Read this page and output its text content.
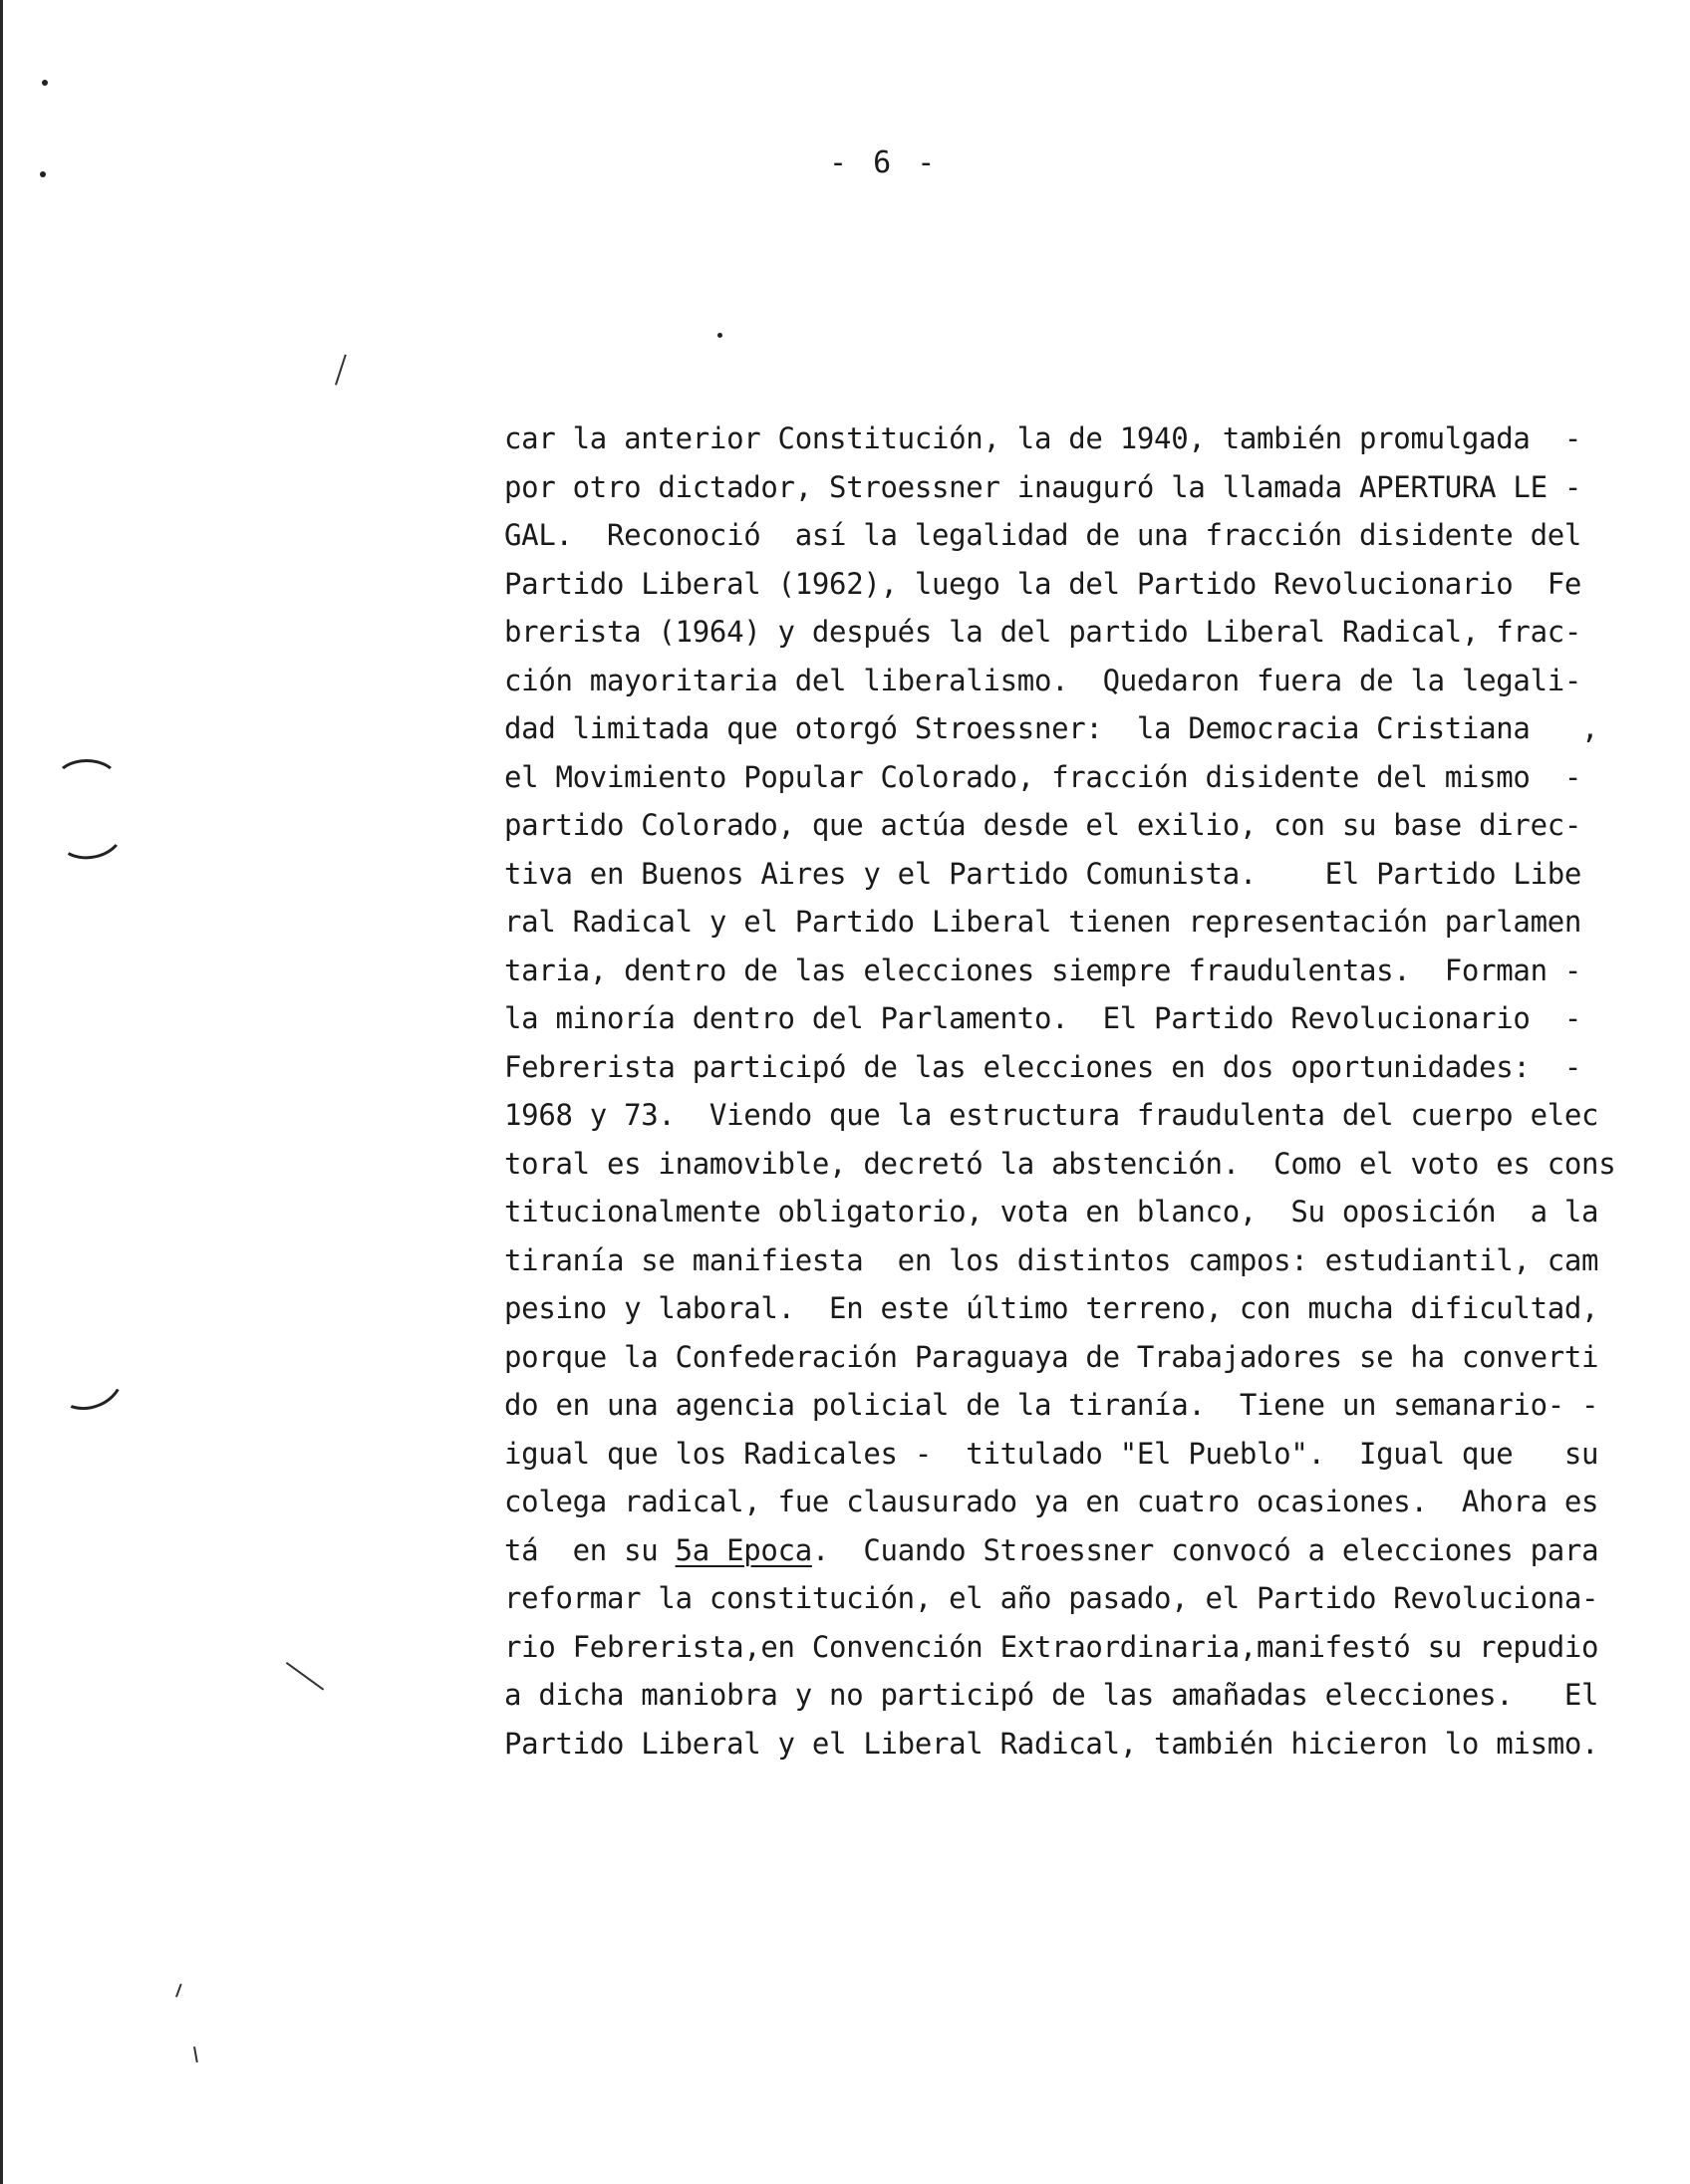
- 6 -
car la anterior Constitución, la de 1940, también promulgada  -
por otro dictador, Stroessner inauguró la llamada APERTURA LE -
GAL.  Reconoció  así la legalidad de una fracción disidente del
Partido Liberal (1962), luego la del Partido Revolucionario  Fe
brerista (1964) y después la del partido Liberal Radical, frac-
ción mayoritaria del liberalismo.  Quedaron fuera de la legali-
dad limitada que otorgó Stroessner:  la Democracia Cristiana   ,
el Movimiento Popular Colorado, fracción disidente del mismo  -
partido Colorado, que actúa desde el exilio, con su base direc-
tiva en Buenos Aires y el Partido Comunista.    El Partido Libe
ral Radical y el Partido Liberal tienen representación parlamen
taria, dentro de las elecciones siempre fraudulentas.  Forman -
la minoría dentro del Parlamento.  El Partido Revolucionario  -
Febrerista participó de las elecciones en dos oportunidades:  -
1968 y 73.  Viendo que la estructura fraudulenta del cuerpo elec
toral es inamovible, decretó la abstención.  Como el voto es cons
titucionalmente obligatorio, vota en blanco,  Su oposición  a la
tiranía se manifiesta  en los distintos campos: estudiantil, cam
pesino y laboral.  En este último terreno, con mucha dificultad,
porque la Confederación Paraguaya de Trabajadores se ha converti
do en una agencia policial de la tiranía.  Tiene un semanario- -
igual que los Radicales -  titulado "El Pueblo".  Igual que   su
colega radical, fue clausurado ya en cuatro ocasiones.  Ahora es
tá  en su 5a Epoca.  Cuando Stroessner convocó a elecciones para
reformar la constitución, el año pasado, el Partido Revoluciona-
rio Febrerista,en Convención Extraordinaria,manifestó su repudio
a dicha maniobra y no participó de las amañadas elecciones.   El
Partido Liberal y el Liberal Radical, también hicieron lo mismo.
